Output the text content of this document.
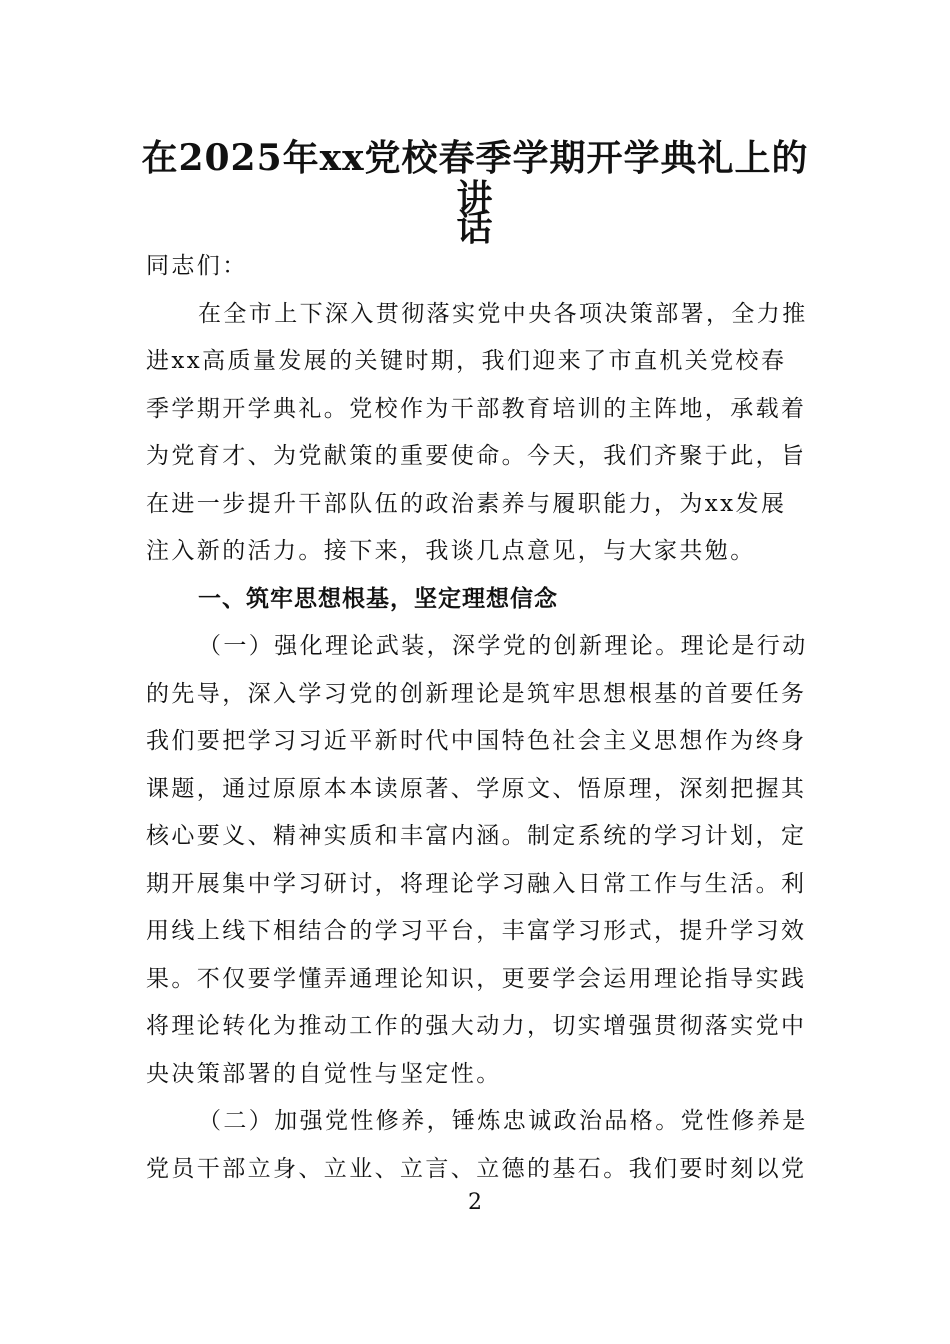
在2025年xx党校春季学期开学典礼上的讲
话
同志们：
在全市上下深入贯彻落实党中央各项决策部署，全力推
进xx高质量发展的关键时期，我们迎来了市直机关党校春
季学期开学典礼。党校作为干部教育培训的主阵地，承载着
为党育才、为党献策的重要使命。今天，我们齐聚于此，旨
在进一步提升干部队伍的政治素养与履职能力，为xx发展
注入新的活力。接下来，我谈几点意见，与大家共勉。
一、筑牢思想根基，坚定理想信念
（一）强化理论武装，深学党的创新理论。理论是行动
的先导，深入学习党的创新理论是筑牢思想根基的首要任务
我们要把学习习近平新时代中国特色社会主义思想作为终身
课题，通过原原本本读原著、学原文、悟原理，深刻把握其
核心要义、精神实质和丰富内涵。制定系统的学习计划，定
期开展集中学习研讨，将理论学习融入日常工作与生活。利
用线上线下相结合的学习平台，丰富学习形式，提升学习效
果。不仅要学懂弄通理论知识，更要学会运用理论指导实践
将理论转化为推动工作的强大动力，切实增强贯彻落实党中
央决策部署的自觉性与坚定性。
（二）加强党性修养，锤炼忠诚政治品格。党性修养是
党员干部立身、立业、立言、立德的基石。我们要时刻以党
2
